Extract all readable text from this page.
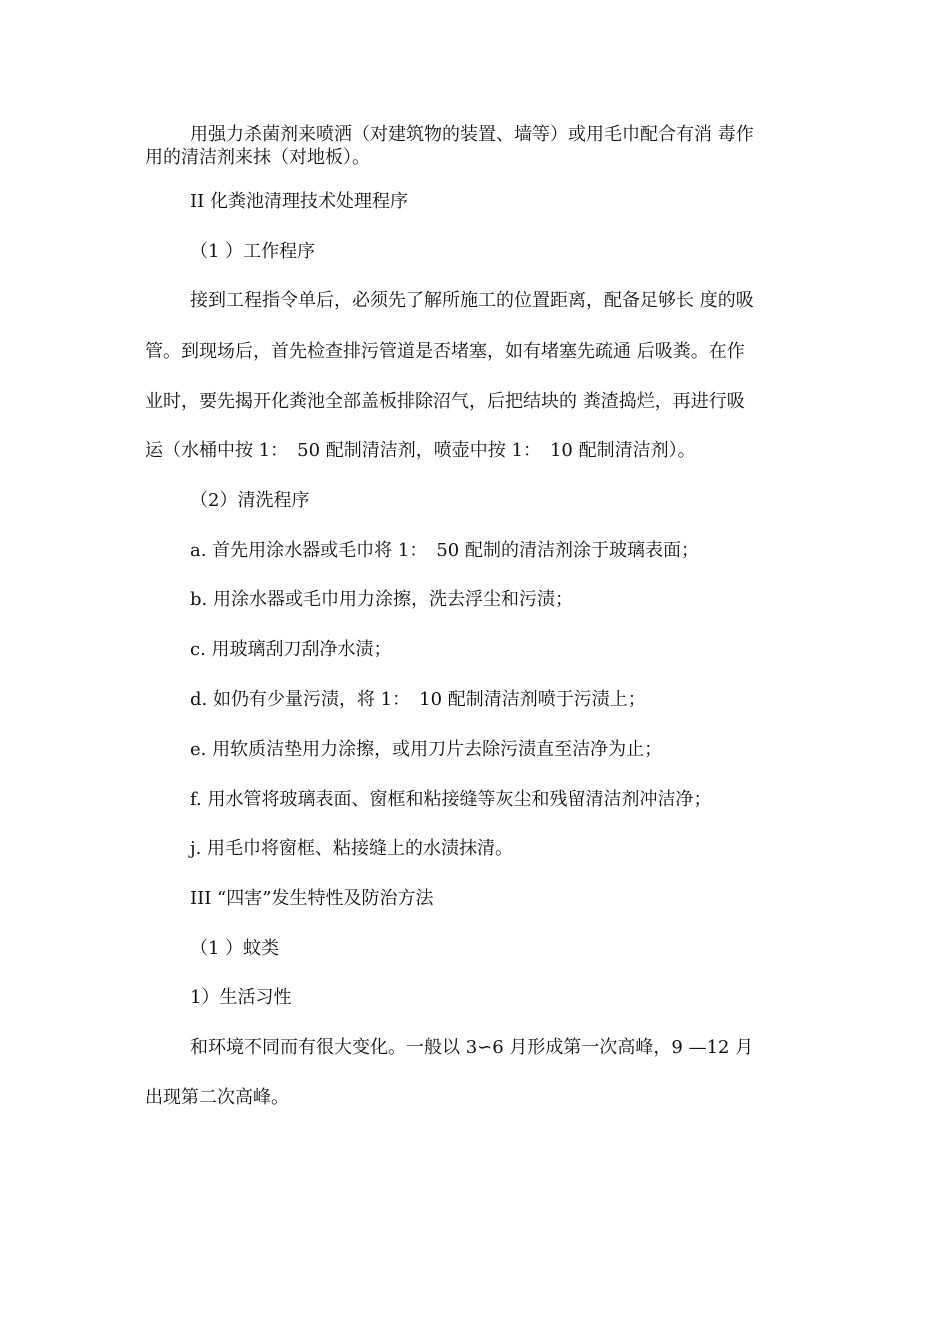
用强力杀菌剂来喷洒（对建筑物的装置、墙等）或用毛巾配合有消 毒作
用的清洁剂来抹（对地板）。
II 化粪池清理技术处理程序
（1 ）工作程序
接到工程指令单后，必须先了解所施工的位置距离，配备足够长 度的吸
管。到现场后，首先检查排污管道是否堵塞，如有堵塞先疏通 后吸粪。在作
业时，要先揭开化粪池全部盖板排除沼气，后把结块的 粪渣捣烂，再进行吸
运（水桶中按 1：　50 配制清洁剂，喷壶中按 1：　10 配制清洁剂）。
（2）清洗程序
a. 首先用涂水器或毛巾将 1：　50 配制的清洁剂涂于玻璃表面；
b. 用涂水器或毛巾用力涂擦，洗去浮尘和污渍；
c. 用玻璃刮刀刮净水渍；
d. 如仍有少量污渍，将 1：　10 配制清洁剂喷于污渍上；
e. 用软质洁垫用力涂擦，或用刀片去除污渍直至洁净为止；
f. 用水管将玻璃表面、窗框和粘接缝等灰尘和残留清洁剂冲洁净；
j. 用毛巾将窗框、粘接缝上的水渍抹清。
III “四害”发生特性及防治方法
（1 ）蚊类
1）生活习性
和环境不同而有很大变化。一般以 3∽6 月形成第一次高峰，9 —12 月
出现第二次高峰。
